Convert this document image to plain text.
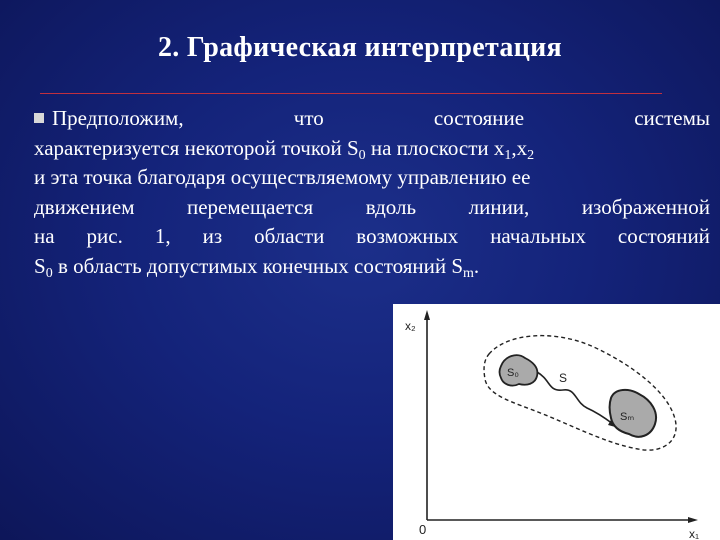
2. Графическая интерпретация
Предположим,	что	состояние	системы
характеризуется некоторой точкой $S_0$ на плоскости $х_1,х_2$
и эта точка благодаря осуществляемому управлению ее
движением	перемещается	вдоль	линии,	изображенной
на рис. 1, из области возможных начальных состояний
$S_0$ в область допустимых конечных состояний $S_m$.
x₂
x₁
0
S₀	S
Sₘ
